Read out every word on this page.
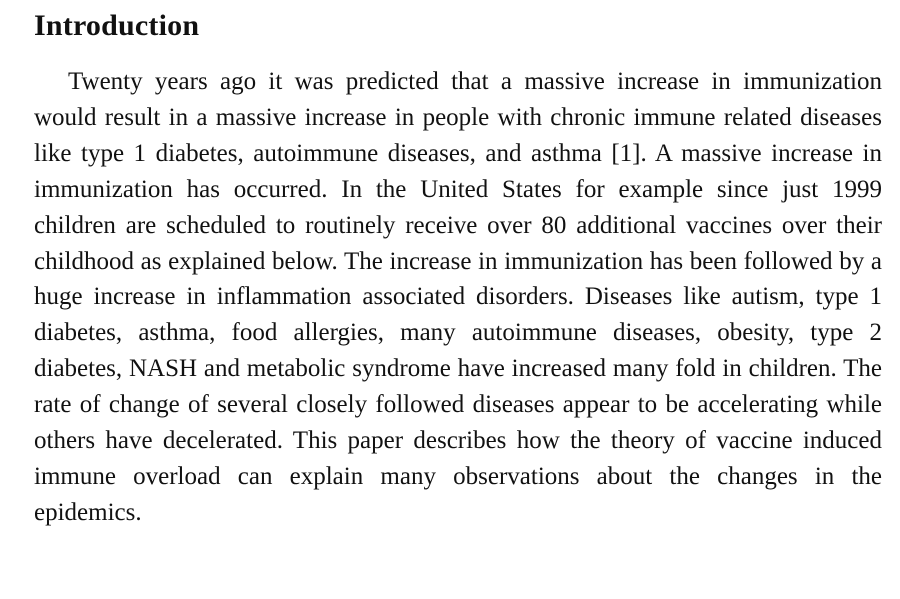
Introduction

Twenty years ago it was predicted that a massive increase in immunization would result in a massive increase in people with chronic immune related diseases like type 1 diabetes, autoimmune diseases, and asthma [1]. A massive increase in immunization has occurred. In the United States for example since just 1999 children are scheduled to routinely receive over 80 additional vaccines over their childhood as explained below. The increase in immunization has been followed by a huge increase in inflammation associated disorders. Diseases like autism, type 1 diabetes, asthma, food allergies, many autoimmune diseases, obesity, type 2 diabetes, NASH and metabolic syndrome have increased many fold in children. The rate of change of several closely followed diseases appear to be accelerating while others have decelerated. This paper describes how the theory of vaccine induced immune overload can explain many observations about the changes in the epidemics.
